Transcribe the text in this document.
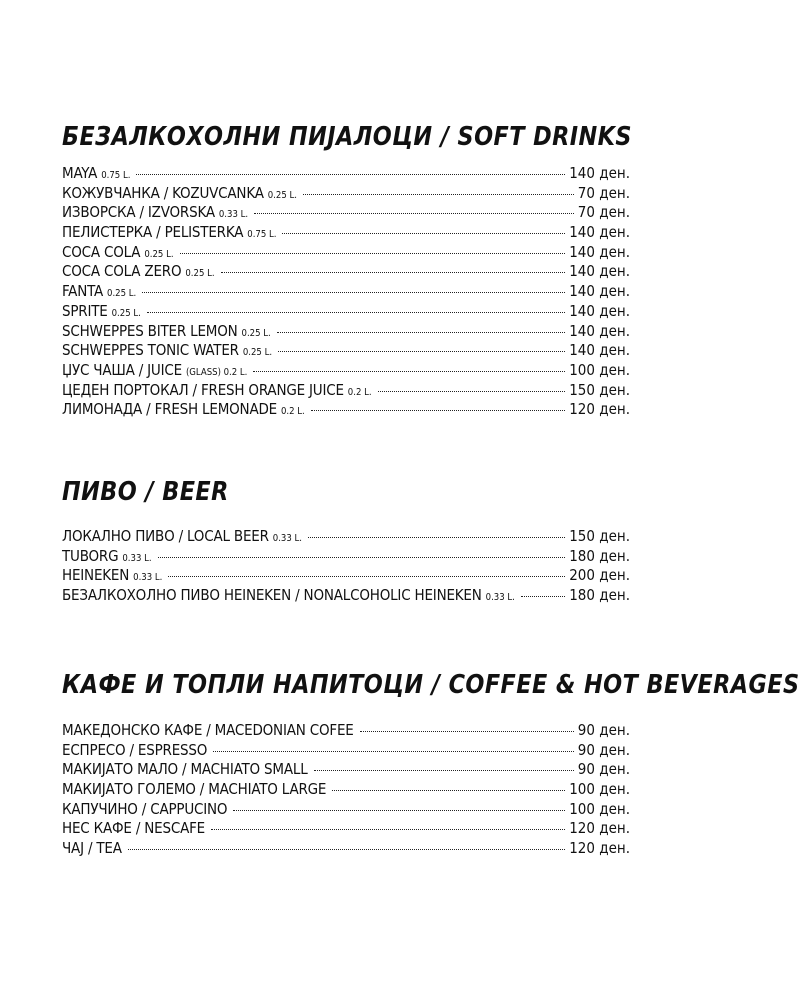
БЕЗАЛКОХОЛНИ ПИЈАЛОЦИ / SOFT DRINKS
MAYA 0.75 L.	140 ден.
КОЖУВЧАНКА / KOZUVCANKA 0.25 L.	70 ден.
ИЗВОРСКА / IZVORSKA 0.33 L.	70 ден.
ПЕЛИСТЕРКА / PELISTERKA 0.75 L.	140 ден.
COCA COLA 0.25 L.	140 ден.
COCA COLA ZERO 0.25 L.	140 ден.
FANTA 0.25 L.	140 ден.
SPRITE 0.25 L.	140 ден.
SCHWEPPES BITER LEMON 0.25 L.	140 ден.
SCHWEPPES TONIC WATER 0.25 L.	140 ден.
ЏУС ЧАША / JUICE (GLASS) 0.2 L.	100 ден.
ЦЕДЕН ПОРТОКАЛ / FRESH ORANGE JUICE 0.2 L.	150 ден.
ЛИМОНАДА / FRESH LEMONADE 0.2 L.	120 ден.
ПИВО / BEER
ЛОКАЛНО ПИВО / LOCAL BEER 0.33 L.	150 ден.
TUBORG 0.33 L.	180 ден.
HEINEKEN 0.33 L.	200 ден.
БЕЗАЛКОХОЛНО ПИВО HEINEKEN / NONALCOHOLIC HEINEKEN 0.33 L.	180 ден.
КАФЕ И ТОПЛИ НАПИТОЦИ / COFFEE & HOT BEVERAGES
МАКЕДОНСКО КАФЕ / MACEDONIAN COFEE	90 ден.
ЕСПРЕСО / ESPRESSO	90 ден.
МАКИЈАТО МАЛО / MACHIATO SMALL	90 ден.
МАКИЈАТО ГОЛЕМО / MACHIATO LARGE	100 ден.
КАПУЧИНО / CAPPUCINO	100 ден.
НЕС КАФЕ / NESCAFE	120 ден.
ЧАЈ / TEA	120 ден.
